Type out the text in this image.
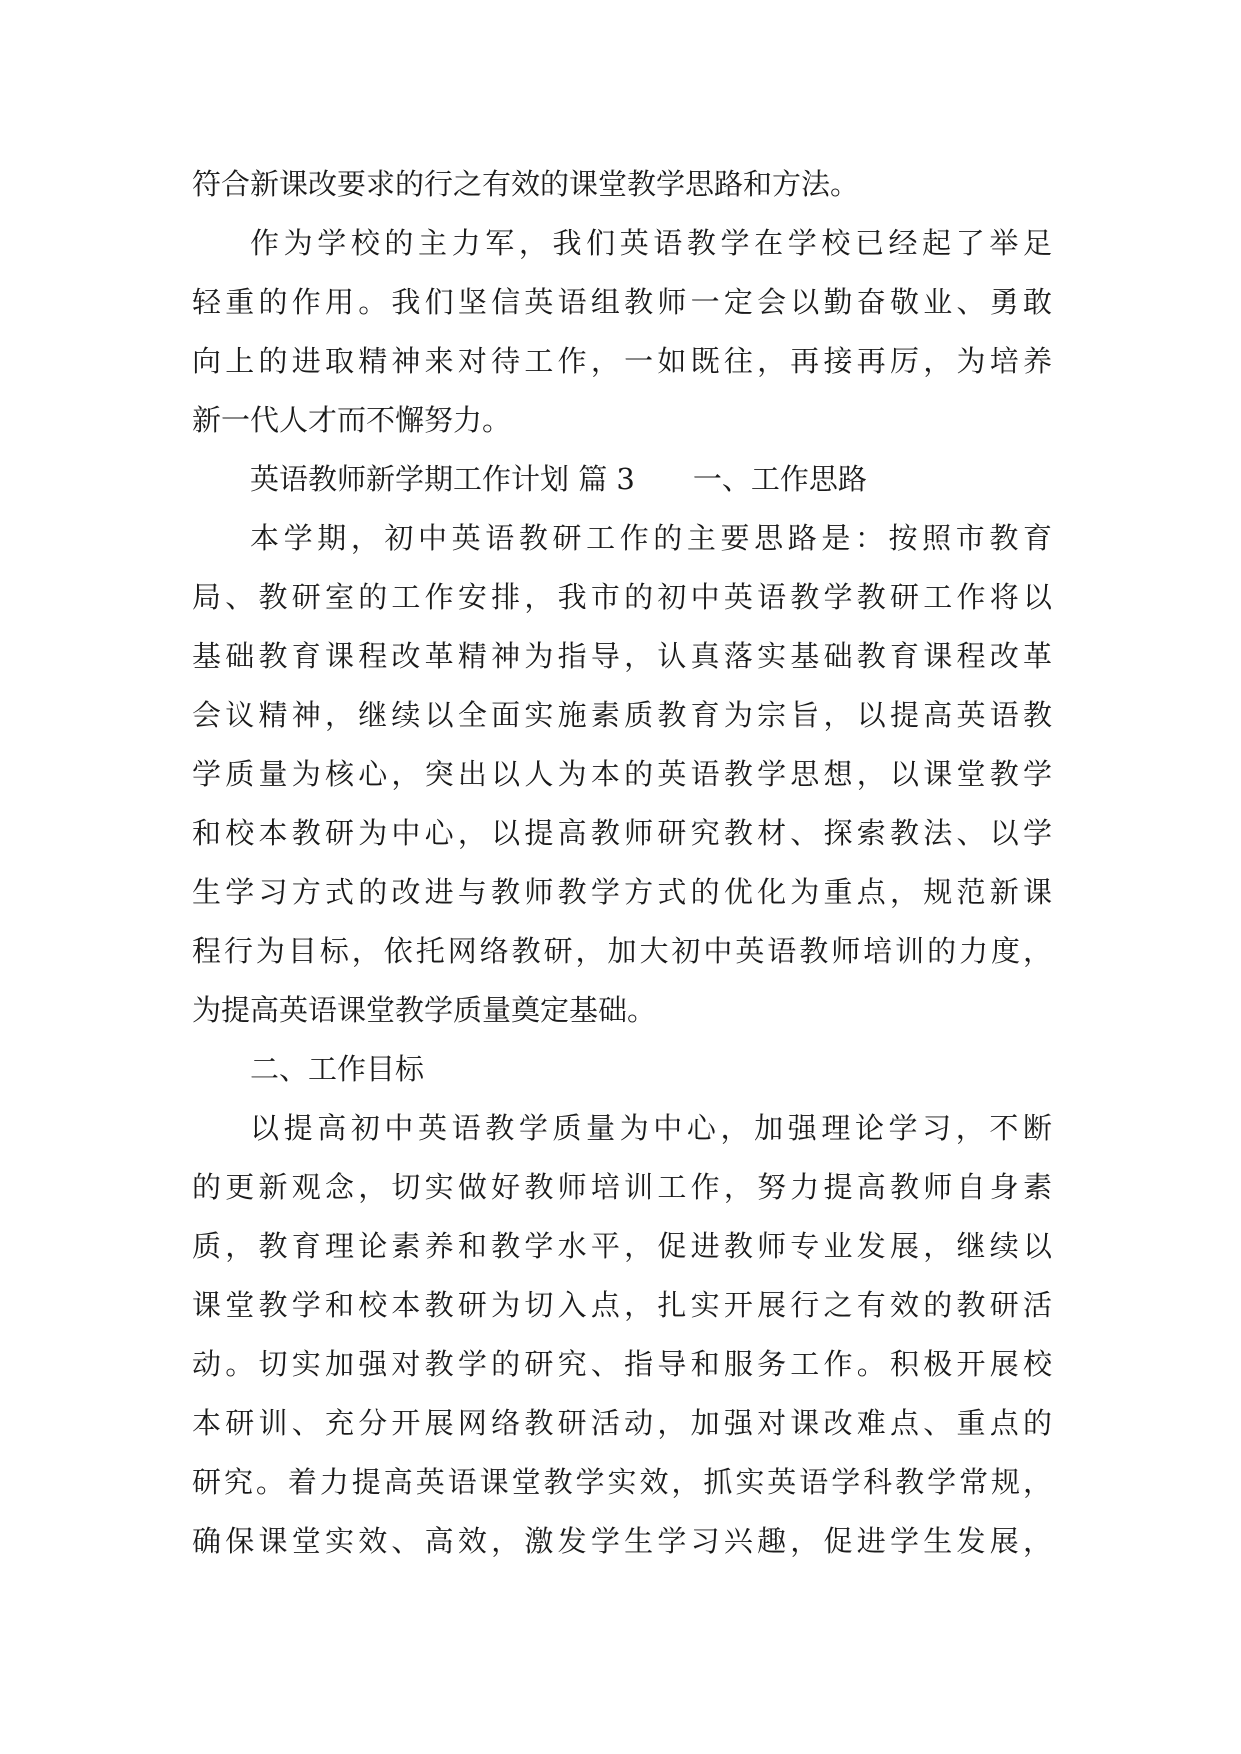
符合新课改要求的行之有效的课堂教学思路和方法。
作为学校的主力军，我们英语教学在学校已经起了举足
轻重的作用。我们坚信英语组教师一定会以勤奋敬业、勇敢
向上的进取精神来对待工作，一如既往，再接再厉，为培养
新一代人才而不懈努力。
英语教师新学期工作计划 篇 3 一、工作思路
本学期，初中英语教研工作的主要思路是：按照市教育
局、教研室的工作安排，我市的初中英语教学教研工作将以
基础教育课程改革精神为指导，认真落实基础教育课程改革
会议精神，继续以全面实施素质教育为宗旨，以提高英语教
学质量为核心，突出以人为本的英语教学思想，以课堂教学
和校本教研为中心，以提高教师研究教材、探索教法、以学
生学习方式的改进与教师教学方式的优化为重点，规范新课
程行为目标，依托网络教研，加大初中英语教师培训的力度，
为提高英语课堂教学质量奠定基础。
二、工作目标
以提高初中英语教学质量为中心，加强理论学习，不断
的更新观念，切实做好教师培训工作，努力提高教师自身素
质，教育理论素养和教学水平，促进教师专业发展，继续以
课堂教学和校本教研为切入点，扎实开展行之有效的教研活
动。切实加强对教学的研究、指导和服务工作。积极开展校
本研训、充分开展网络教研活动，加强对课改难点、重点的
研究。着力提高英语课堂教学实效，抓实英语学科教学常规，
确保课堂实效、高效，激发学生学习兴趣，促进学生发展，
